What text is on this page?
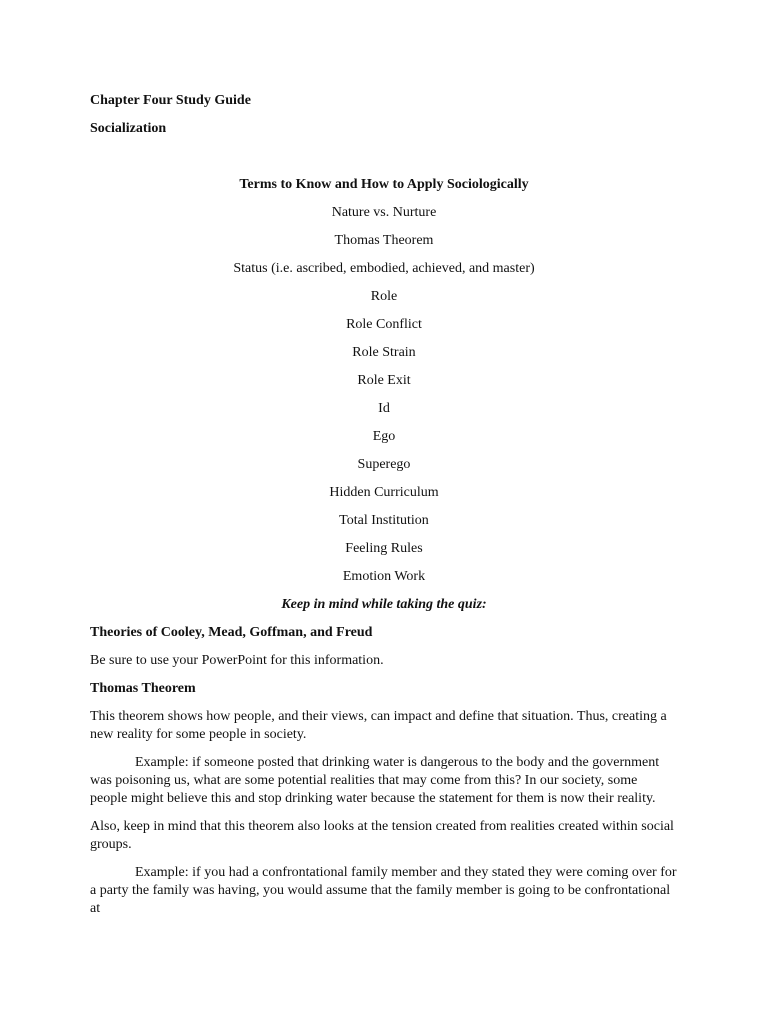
Chapter Four Study Guide

Socialization

Terms to Know and How to Apply Sociologically

Nature vs. Nurture
Thomas Theorem
Status (i.e. ascribed, embodied, achieved, and master)
Role
Role Conflict
Role Strain
Role Exit
Id
Ego
Superego
Hidden Curriculum
Total Institution
Feeling Rules
Emotion Work

Keep in mind while taking the quiz:

Theories of Cooley, Mead, Goffman, and Freud

Be sure to use your PowerPoint for this information.

Thomas Theorem

This theorem shows how people, and their views, can impact and define that situation. Thus, creating a new reality for some people in society.

Example: if someone posted that drinking water is dangerous to the body and the government was poisoning us, what are some potential realities that may come from this? In our society, some people might believe this and stop drinking water because the statement for them is now their reality.

Also, keep in mind that this theorem also looks at the tension created from realities created within social groups.

Example: if you had a confrontational family member and they stated they were coming over for a party the family was having, you would assume that the family member is going to be confrontational at
